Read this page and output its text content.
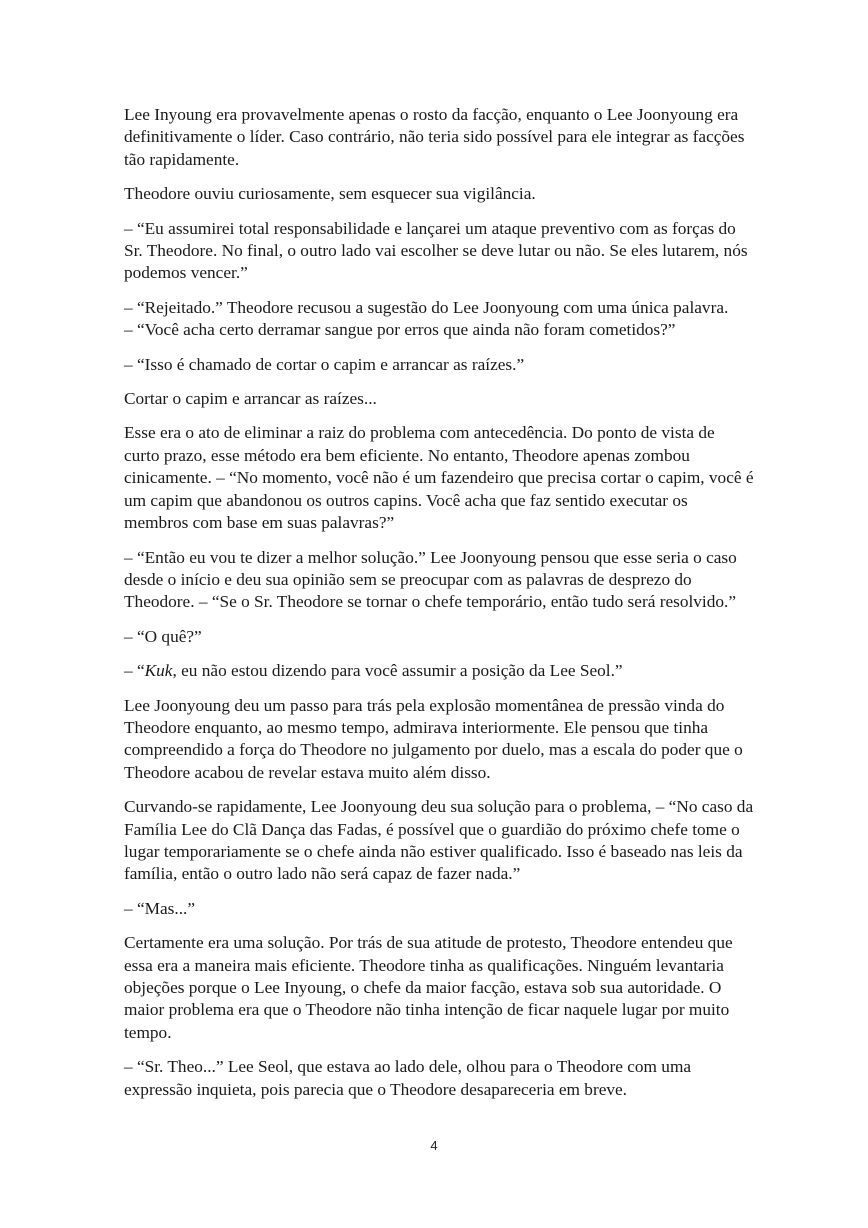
Lee Inyoung era provavelmente apenas o rosto da facção, enquanto o Lee Joonyoung era definitivamente o líder. Caso contrário, não teria sido possível para ele integrar as facções tão rapidamente.

Theodore ouviu curiosamente, sem esquecer sua vigilância.

– “Eu assumirei total responsabilidade e lançarei um ataque preventivo com as forças do Sr. Theodore. No final, o outro lado vai escolher se deve lutar ou não. Se eles lutarem, nós podemos vencer.”

– “Rejeitado.” Theodore recusou a sugestão do Lee Joonyoung com uma única palavra.

– “Você acha certo derramar sangue por erros que ainda não foram cometidos?”

– “Isso é chamado de cortar o capim e arrancar as raízes.”

Cortar o capim e arrancar as raízes...

Esse era o ato de eliminar a raiz do problema com antecedência. Do ponto de vista de curto prazo, esse método era bem eficiente. No entanto, Theodore apenas zombou cinicamente. – “No momento, você não é um fazendeiro que precisa cortar o capim, você é um capim que abandonou os outros capins. Você acha que faz sentido executar os membros com base em suas palavras?”

– “Então eu vou te dizer a melhor solução.” Lee Joonyoung pensou que esse seria o caso desde o início e deu sua opinião sem se preocupar com as palavras de desprezo do Theodore. – “Se o Sr. Theodore se tornar o chefe temporário, então tudo será resolvido.”

– “O quê?”

– “Kuk, eu não estou dizendo para você assumir a posição da Lee Seol.”

Lee Joonyoung deu um passo para trás pela explosão momentânea de pressão vinda do Theodore enquanto, ao mesmo tempo, admirava interiormente. Ele pensou que tinha compreendido a força do Theodore no julgamento por duelo, mas a escala do poder que o Theodore acabou de revelar estava muito além disso.

Curvando-se rapidamente, Lee Joonyoung deu sua solução para o problema, – “No caso da Família Lee do Clã Dança das Fadas, é possível que o guardião do próximo chefe tome o lugar temporariamente se o chefe ainda não estiver qualificado. Isso é baseado nas leis da família, então o outro lado não será capaz de fazer nada.”

– “Mas...”

Certamente era uma solução. Por trás de sua atitude de protesto, Theodore entendeu que essa era a maneira mais eficiente. Theodore tinha as qualificações. Ninguém levantaria objeções porque o Lee Inyoung, o chefe da maior facção, estava sob sua autoridade. O maior problema era que o Theodore não tinha intenção de ficar naquele lugar por muito tempo.

– “Sr. Theo...” Lee Seol, que estava ao lado dele, olhou para o Theodore com uma expressão inquieta, pois parecia que o Theodore desapareceria em breve.

4
